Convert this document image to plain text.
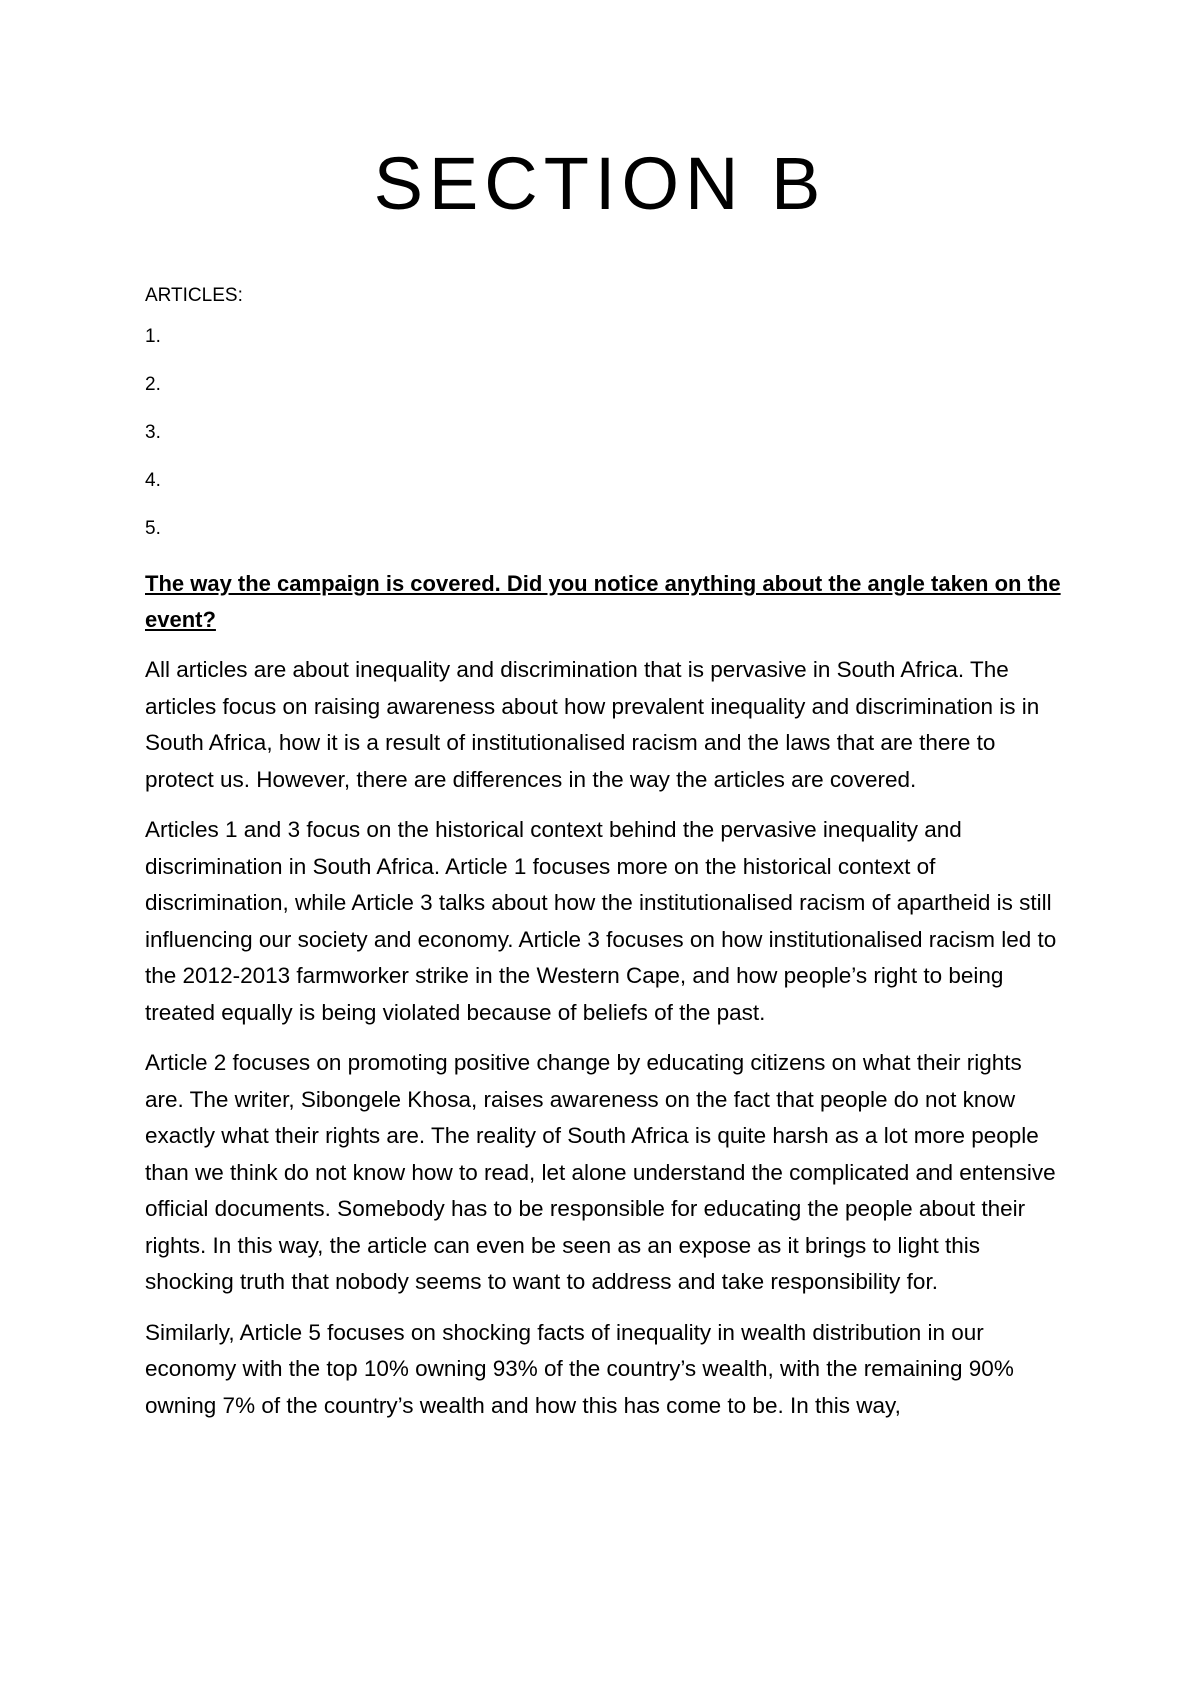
SECTION B

ARTICLES:

1.
2.
3.
4.
5.

The way the campaign is covered. Did you notice anything about the angle taken on the event?

All articles are about inequality and discrimination that is pervasive in South Africa. The articles focus on raising awareness about how prevalent inequality and discrimination is in South Africa, how it is a result of institutionalised racism and the laws that are there to protect us. However, there are differences in the way the articles are covered.

Articles 1 and 3 focus on the historical context behind the pervasive inequality and discrimination in South Africa. Article 1 focuses more on the historical context of discrimination, while Article 3 talks about how the institutionalised racism of apartheid is still influencing our society and economy. Article 3 focuses on how institutionalised racism led to the 2012-2013 farmworker strike in the Western Cape, and how people’s right to being treated equally is being violated because of beliefs of the past.

Article 2 focuses on promoting positive change by educating citizens on what their rights are. The writer, Sibongele Khosa, raises awareness on the fact that people do not know exactly what their rights are. The reality of South Africa is quite harsh as a lot more people than we think do not know how to read, let alone understand the complicated and entensive official documents. Somebody has to be responsible for educating the people about their rights. In this way, the article can even be seen as an expose as it brings to light this shocking truth that nobody seems to want to address and take responsibility for.

Similarly, Article 5 focuses on shocking facts of inequality in wealth distribution in our economy with the top 10% owning 93% of the country’s wealth, with the remaining 90% owning 7% of the country’s wealth and how this has come to be. In this way,
